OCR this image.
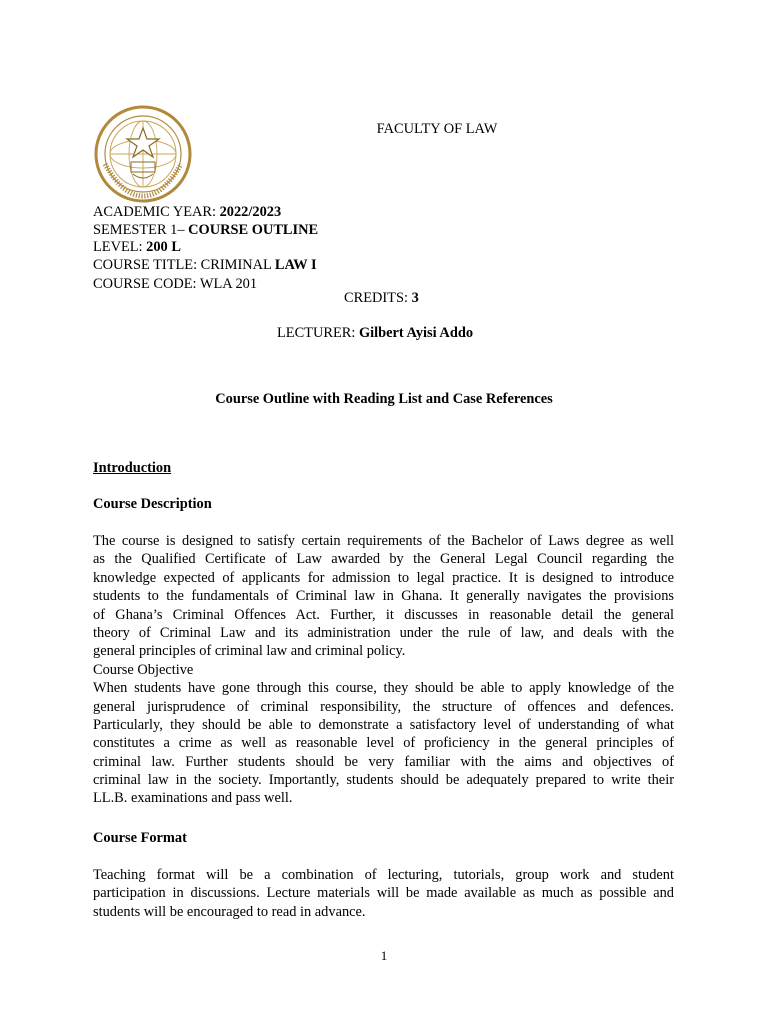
FACULTY OF LAW
ACADEMIC YEAR: 2022/2023
SEMESTER 1– COURSE OUTLINE
LEVEL: 200 L
COURSE TITLE: CRIMINAL LAW I
COURSE CODE: WLA 201
CREDITS: 3
LECTURER: Gilbert Ayisi Addo
Course Outline with Reading List and Case References
Introduction
Course Description
The course is designed to satisfy certain requirements of the Bachelor of Laws degree as well
as the Qualified Certificate of Law awarded by the General Legal Council regarding the
knowledge expected of applicants for admission to legal practice. It is designed to introduce
students to the fundamentals of Criminal law in Ghana. It generally navigates the provisions
of Ghana’s Criminal Offences Act. Further, it discusses in reasonable detail the general
theory of Criminal Law and its administration under the rule of law, and deals with the
general principles of criminal law and criminal policy.
Course Objective
When students have gone through this course, they should be able to apply knowledge of the
general jurisprudence of criminal responsibility, the structure of offences and defences.
Particularly, they should be able to demonstrate a satisfactory level of understanding of what
constitutes a crime as well as reasonable level of proficiency in the general principles of
criminal law. Further students should be very familiar with the aims and objectives of
criminal law in the society. Importantly, students should be adequately prepared to write their
LL.B. examinations and pass well.
Course Format
Teaching format will be a combination of lecturing, tutorials, group work and student
participation in discussions. Lecture materials will be made available as much as possible and
students will be encouraged to read in advance.
1
